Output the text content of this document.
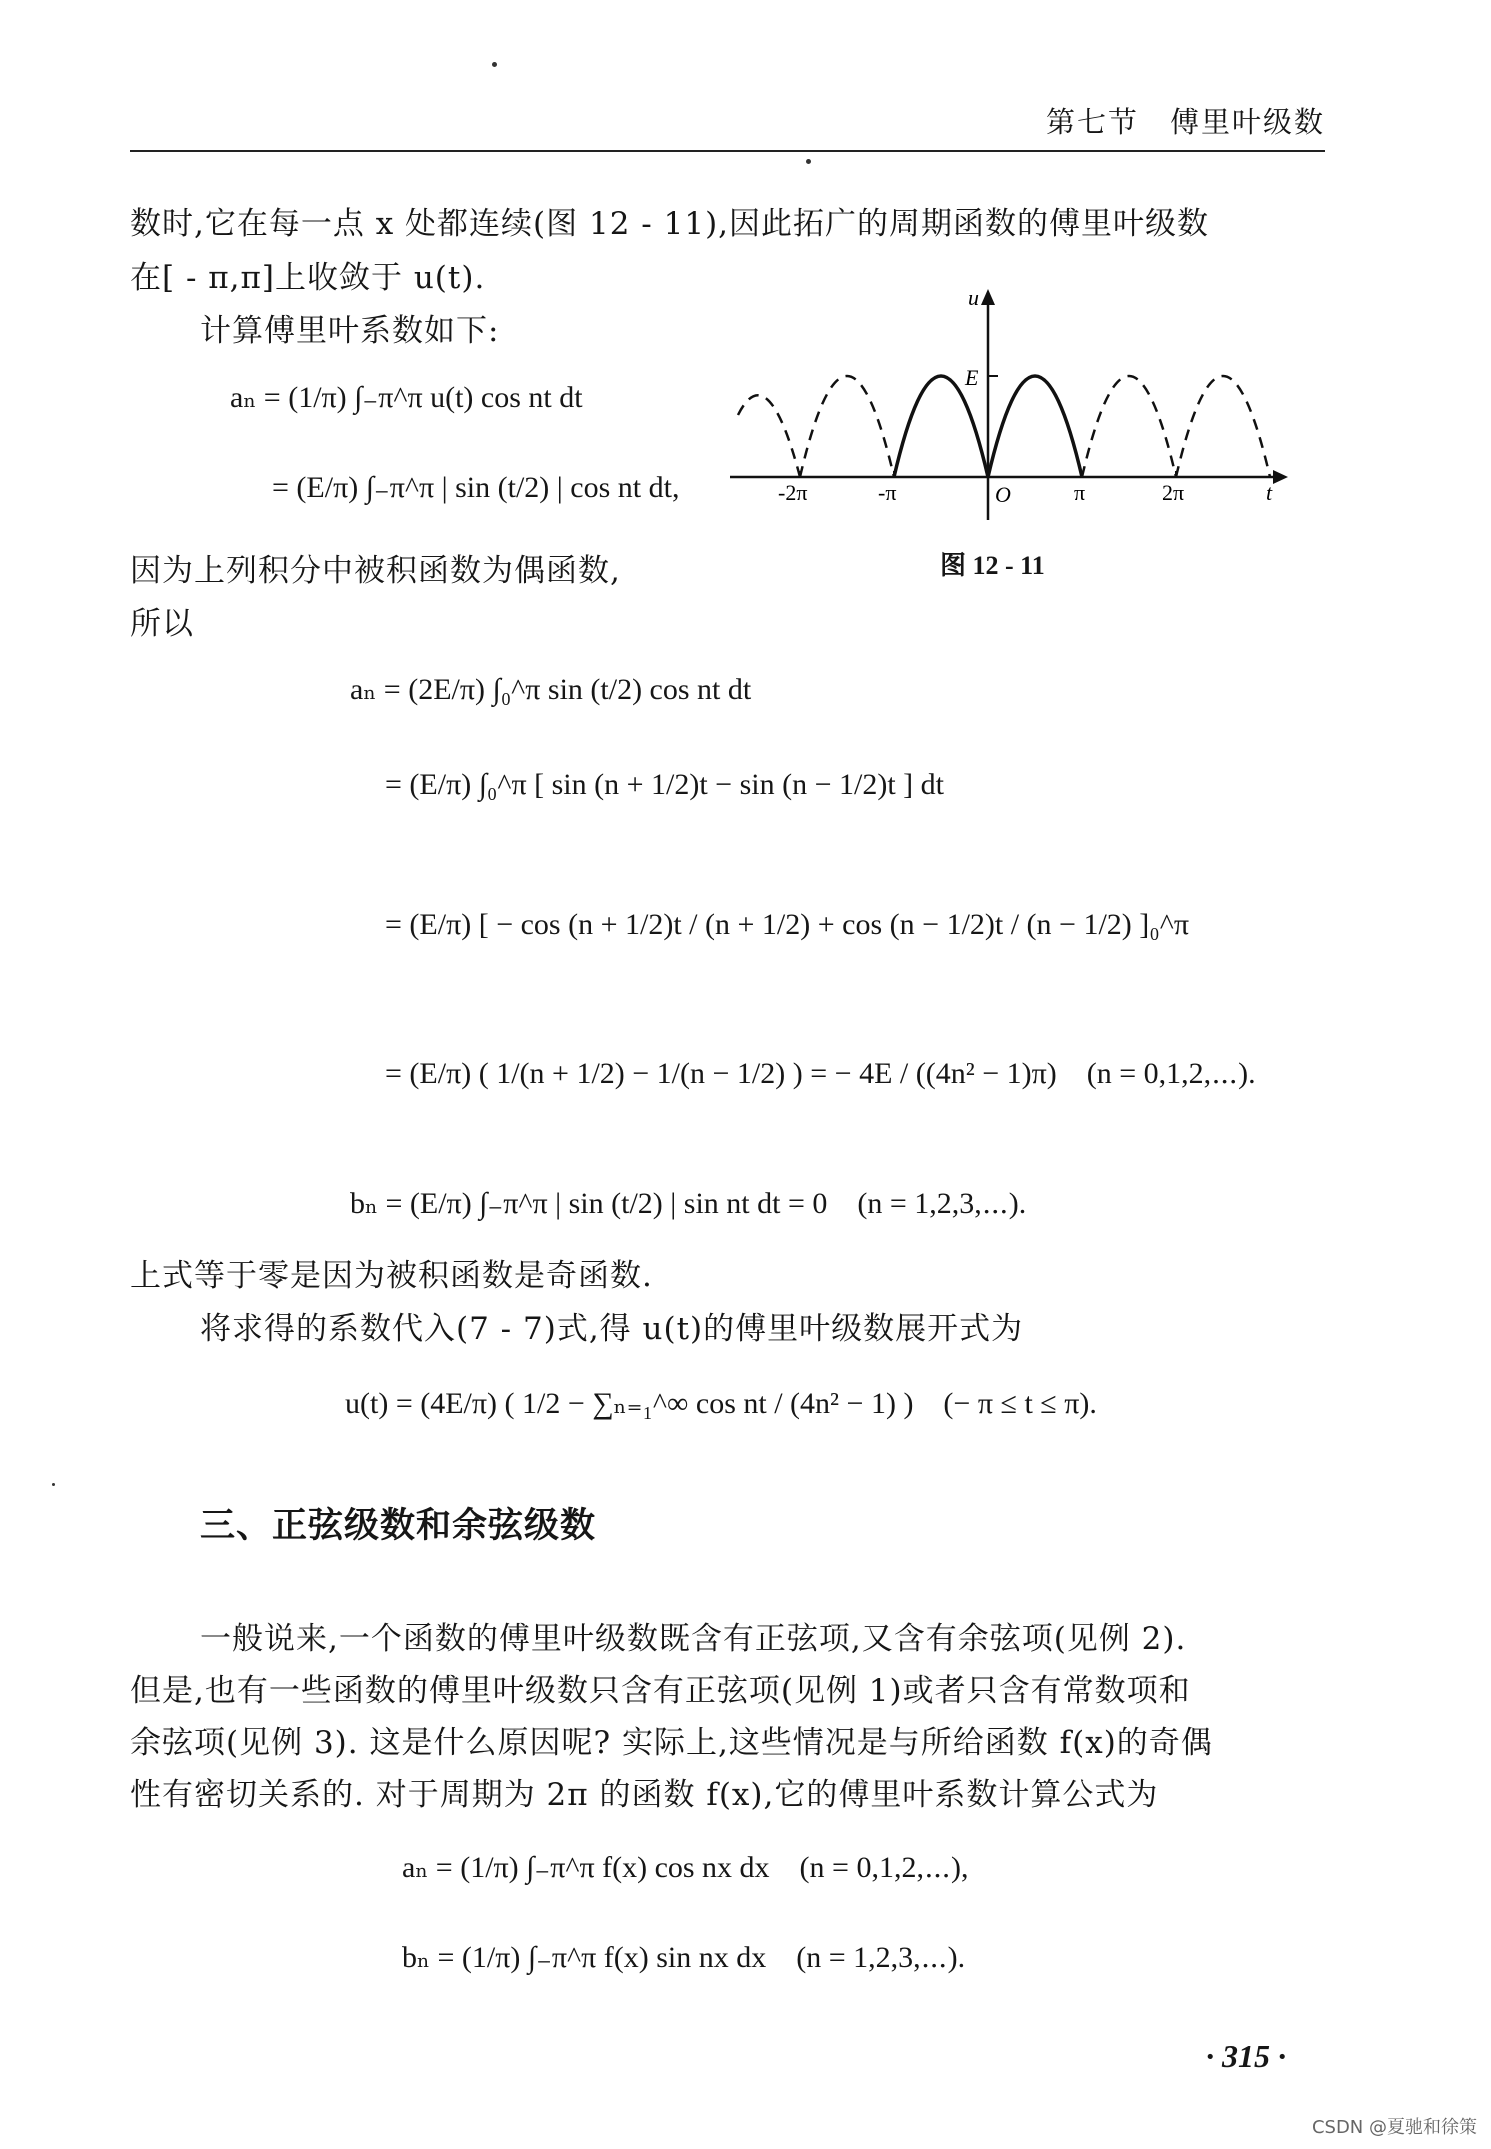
第七节　傅里叶级数
数时,它在每一点 x 处都连续(图 12 - 11),因此拓广的周期函数的傅里叶级数
在[ - π,π]上收敛于 u(t).
计算傅里叶系数如下:
aₙ = (1/π) ∫₋π^π u(t) cos nt dt
= (E/π) ∫₋π^π | sin (t/2) | cos nt dt,
u
t
E
O
-2π	-π	π	2π
图 12 - 11
因为上列积分中被积函数为偶函数,
所以
aₙ = (2E/π) ∫₀^π sin (t/2) cos nt dt
= (E/π) ∫₀^π [ sin (n + 1/2)t − sin (n − 1/2)t ] dt
= (E/π) [ − cos (n + 1/2)t / (n + 1/2) + cos (n − 1/2)t / (n − 1/2) ]₀^π
= (E/π) ( 1/(n + 1/2) − 1/(n − 1/2) ) = − 4E / ((4n² − 1)π)　(n = 0,1,2,⋯).
bₙ = (E/π) ∫₋π^π | sin (t/2) | sin nt dt = 0　(n = 1,2,3,⋯).
上式等于零是因为被积函数是奇函数.
将求得的系数代入(7 - 7)式,得 u(t)的傅里叶级数展开式为
u(t) = (4E/π) ( 1/2 − ∑ₙ₌₁^∞ cos nt / (4n² − 1) )　(− π ≤ t ≤ π).
三、正弦级数和余弦级数
一般说来,一个函数的傅里叶级数既含有正弦项,又含有余弦项(见例 2).
但是,也有一些函数的傅里叶级数只含有正弦项(见例 1)或者只含有常数项和
余弦项(见例 3). 这是什么原因呢? 实际上,这些情况是与所给函数 f(x)的奇偶
性有密切关系的. 对于周期为 2π 的函数 f(x),它的傅里叶系数计算公式为
aₙ = (1/π) ∫₋π^π f(x) cos nx dx　(n = 0,1,2,⋯),
bₙ = (1/π) ∫₋π^π f(x) sin nx dx　(n = 1,2,3,⋯).
· 315 ·
CSDN @夏驰和徐策
